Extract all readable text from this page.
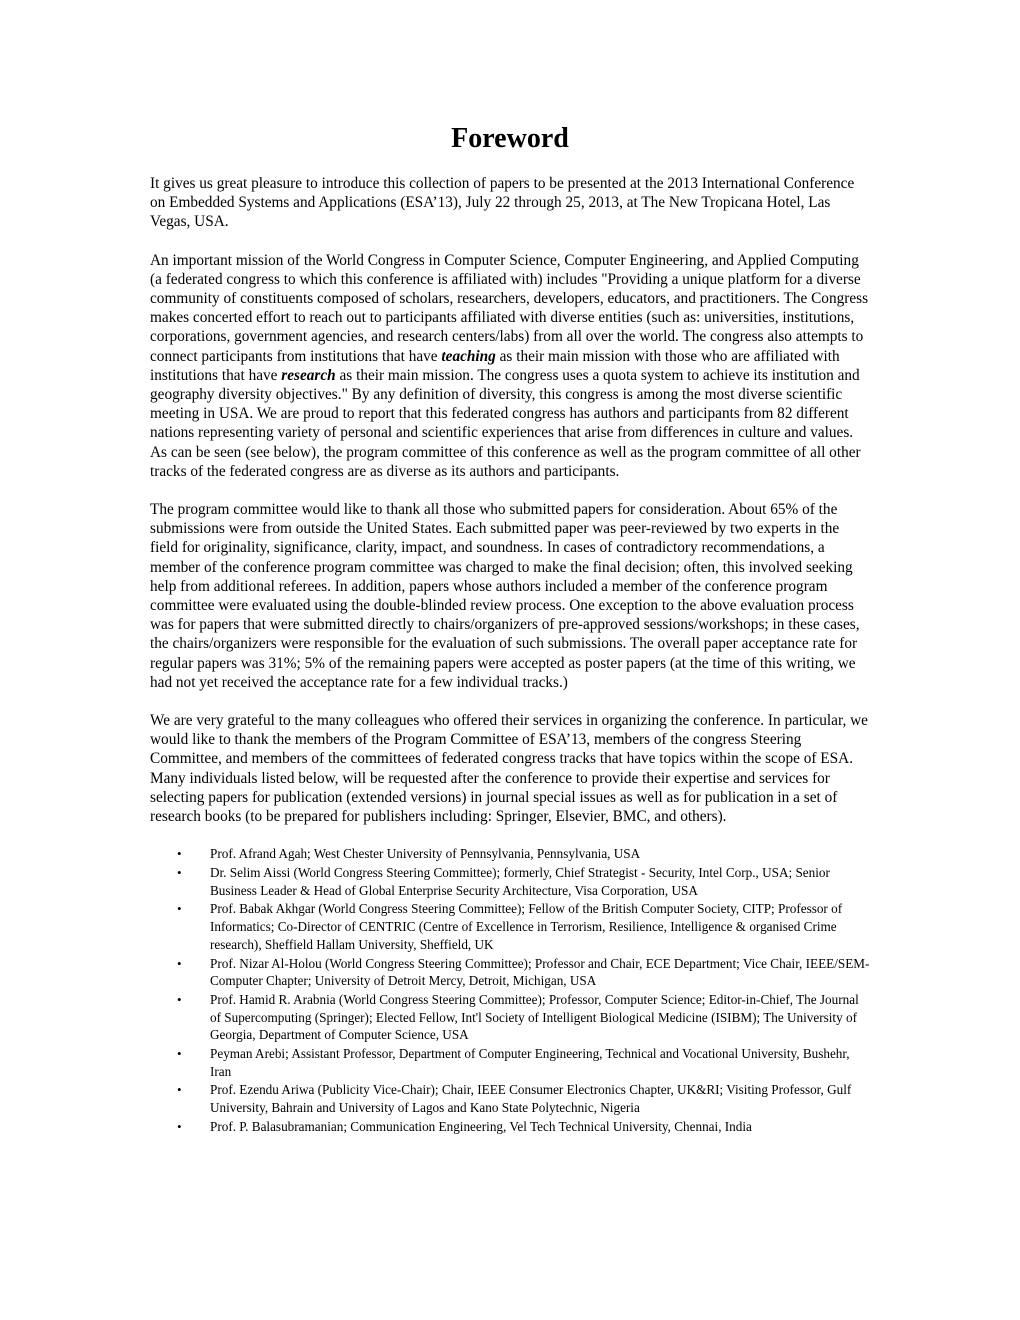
Foreword

It gives us great pleasure to introduce this collection of papers to be presented at the 2013 International Conference on Embedded Systems and Applications (ESA’13), July 22 through 25, 2013, at The New Tropicana Hotel, Las Vegas, USA.

An important mission of the World Congress in Computer Science, Computer Engineering, and Applied Computing (a federated congress to which this conference is affiliated with) includes "Providing a unique platform for a diverse community of constituents composed of scholars, researchers, developers, educators, and practitioners. The Congress makes concerted effort to reach out to participants affiliated with diverse entities (such as: universities, institutions, corporations, government agencies, and research centers/labs) from all over the world. The congress also attempts to connect participants from institutions that have teaching as their main mission with those who are affiliated with institutions that have research as their main mission. The congress uses a quota system to achieve its institution and geography diversity objectives." By any definition of diversity, this congress is among the most diverse scientific meeting in USA. We are proud to report that this federated congress has authors and participants from 82 different nations representing variety of personal and scientific experiences that arise from differences in culture and values. As can be seen (see below), the program committee of this conference as well as the program committee of all other tracks of the federated congress are as diverse as its authors and participants.

The program committee would like to thank all those who submitted papers for consideration. About 65% of the submissions were from outside the United States. Each submitted paper was peer-reviewed by two experts in the field for originality, significance, clarity, impact, and soundness. In cases of contradictory recommendations, a member of the conference program committee was charged to make the final decision; often, this involved seeking help from additional referees. In addition, papers whose authors included a member of the conference program committee were evaluated using the double-blinded review process. One exception to the above evaluation process was for papers that were submitted directly to chairs/organizers of pre-approved sessions/workshops; in these cases, the chairs/organizers were responsible for the evaluation of such submissions. The overall paper acceptance rate for regular papers was 31%; 5% of the remaining papers were accepted as poster papers (at the time of this writing, we had not yet received the acceptance rate for a few individual tracks.)

We are very grateful to the many colleagues who offered their services in organizing the conference. In particular, we would like to thank the members of the Program Committee of ESA’13, members of the congress Steering Committee, and members of the committees of federated congress tracks that have topics within the scope of ESA. Many individuals listed below, will be requested after the conference to provide their expertise and services for selecting papers for publication (extended versions) in journal special issues as well as for publication in a set of research books (to be prepared for publishers including: Springer, Elsevier, BMC, and others).

• Prof. Afrand Agah; West Chester University of Pennsylvania, Pennsylvania, USA
• Dr. Selim Aissi (World Congress Steering Committee); formerly, Chief Strategist - Security, Intel Corp., USA; Senior Business Leader & Head of Global Enterprise Security Architecture, Visa Corporation, USA
• Prof. Babak Akhgar (World Congress Steering Committee); Fellow of the British Computer Society, CITP; Professor of Informatics; Co-Director of CENTRIC (Centre of Excellence in Terrorism, Resilience, Intelligence & organised Crime research), Sheffield Hallam University, Sheffield, UK
• Prof. Nizar Al-Holou (World Congress Steering Committee); Professor and Chair, ECE Department; Vice Chair, IEEE/SEM-Computer Chapter; University of Detroit Mercy, Detroit, Michigan, USA
• Prof. Hamid R. Arabnia (World Congress Steering Committee); Professor, Computer Science; Editor-in-Chief, The Journal of Supercomputing (Springer); Elected Fellow, Int'l Society of Intelligent Biological Medicine (ISIBM); The University of Georgia, Department of Computer Science, USA
• Peyman Arebi; Assistant Professor, Department of Computer Engineering, Technical and Vocational University, Bushehr, Iran
• Prof. Ezendu Ariwa (Publicity Vice-Chair); Chair, IEEE Consumer Electronics Chapter, UK&RI; Visiting Professor, Gulf University, Bahrain and University of Lagos and Kano State Polytechnic, Nigeria
• Prof. P. Balasubramanian; Communication Engineering, Vel Tech Technical University, Chennai, India
